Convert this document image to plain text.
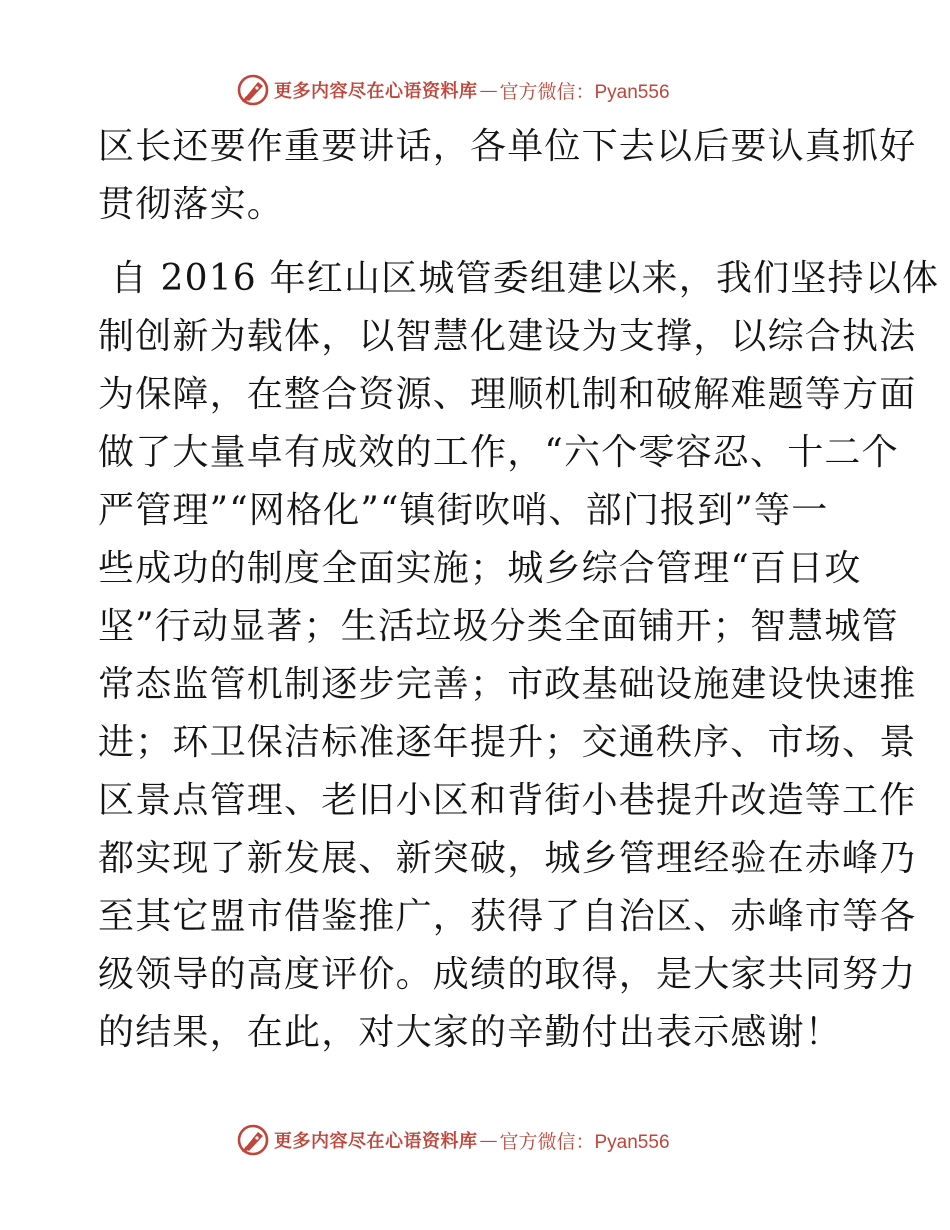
更多内容尽在心语资料库 — 官方微信：Pyan556

区长还要作重要讲话，各单位下去以后要认真抓好
贯彻落实。

自 2016 年红山区城管委组建以来，我们坚持以体
制创新为载体，以智慧化建设为支撑，以综合执法
为保障，在整合资源、理顺机制和破解难题等方面
做了大量卓有成效的工作，“六个零容忍、十二个
严管理”“网格化”“镇街吹哨、部门报到”等一
些成功的制度全面实施；城乡综合管理“百日攻
坚”行动显著；生活垃圾分类全面铺开；智慧城管
常态监管机制逐步完善；市政基础设施建设快速推
进；环卫保洁标准逐年提升；交通秩序、市场、景
区景点管理、老旧小区和背街小巷提升改造等工作
都实现了新发展、新突破，城乡管理经验在赤峰乃
至其它盟市借鉴推广，获得了自治区、赤峰市等各
级领导的高度评价。成绩的取得，是大家共同努力
的结果，在此，对大家的辛勤付出表示感谢！

更多内容尽在心语资料库 — 官方微信：Pyan556
